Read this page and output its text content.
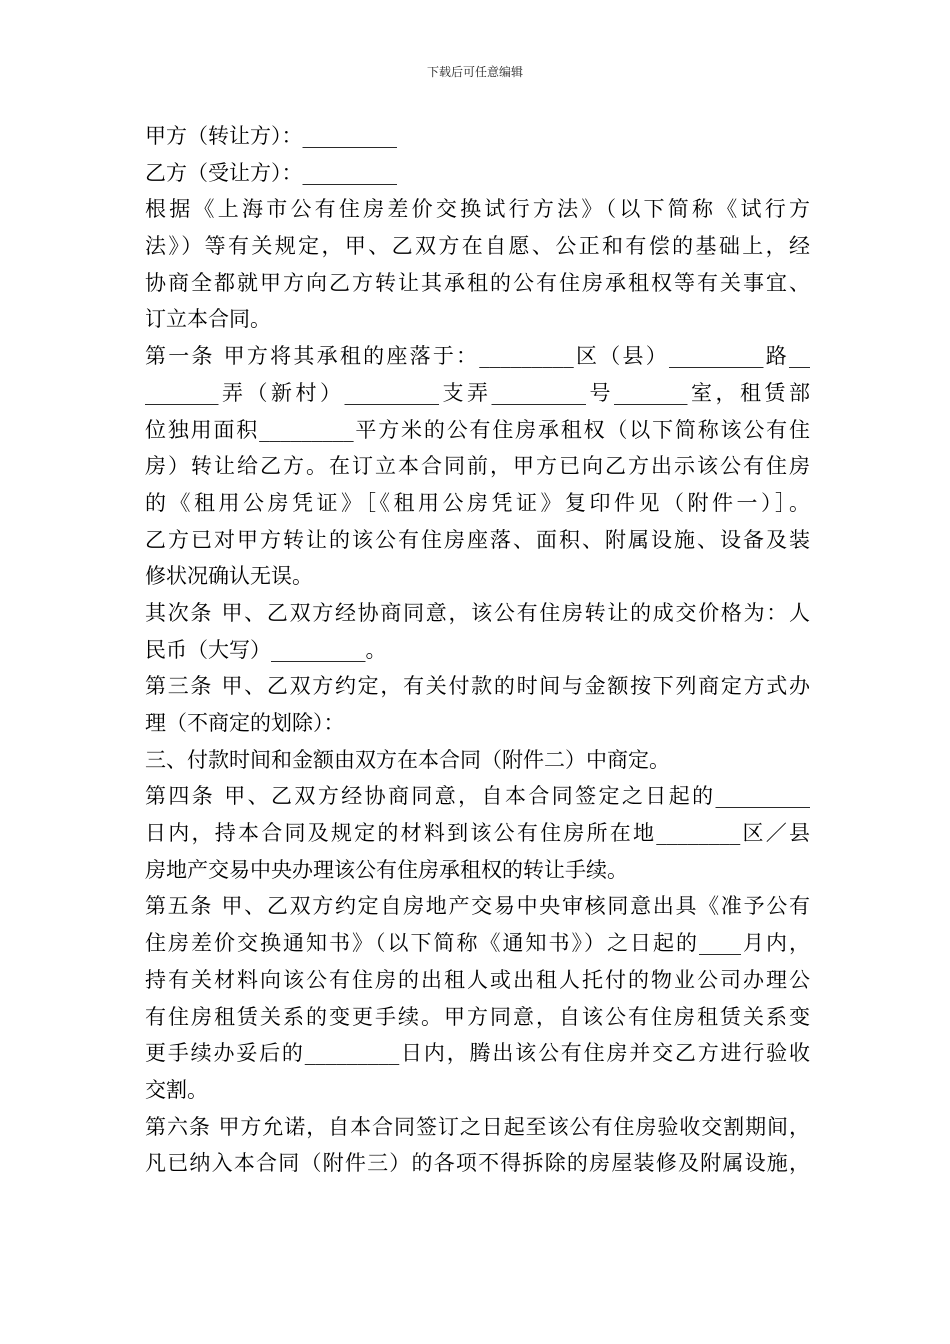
下载后可任意编辑
甲方（转让方）：_________
乙方（受让方）：_________
根据《上海市公有住房差价交换试行方法》（以下简称《试行方
法》）等有关规定，甲、乙双方在自愿、公正和有偿的基础上，经
协商全都就甲方向乙方转让其承租的公有住房承租权等有关事宜、
订立本合同。
第一条 甲方将其承租的座落于：_________区（县）_________路__
_______弄（新村）_________支弄_________号_______室，租赁部
位独用面积_________平方米的公有住房承租权（以下简称该公有住
房）转让给乙方。在订立本合同前，甲方已向乙方出示该公有住房
的《租用公房凭证》［《租用公房凭证》复印件见（附件一）］。
乙方已对甲方转让的该公有住房座落、面积、附属设施、设备及装
修状况确认无误。
其次条 甲、乙双方经协商同意，该公有住房转让的成交价格为：人
民币（大写）_________。
第三条 甲、乙双方约定，有关付款的时间与金额按下列商定方式办
理（不商定的划除）：
三、付款时间和金额由双方在本合同（附件二）中商定。
第四条 甲、乙双方经协商同意，自本合同签定之日起的_________
日内，持本合同及规定的材料到该公有住房所在地________区／县
房地产交易中央办理该公有住房承租权的转让手续。
第五条 甲、乙双方约定自房地产交易中央审核同意出具《准予公有
住房差价交换通知书》（以下简称《通知书》）之日起的____月内，
持有关材料向该公有住房的出租人或出租人托付的物业公司办理公
有住房租赁关系的变更手续。甲方同意，自该公有住房租赁关系变
更手续办妥后的_________日内，腾出该公有住房并交乙方进行验收
交割。
第六条 甲方允诺，自本合同签订之日起至该公有住房验收交割期间，
凡已纳入本合同（附件三）的各项不得拆除的房屋装修及附属设施，
